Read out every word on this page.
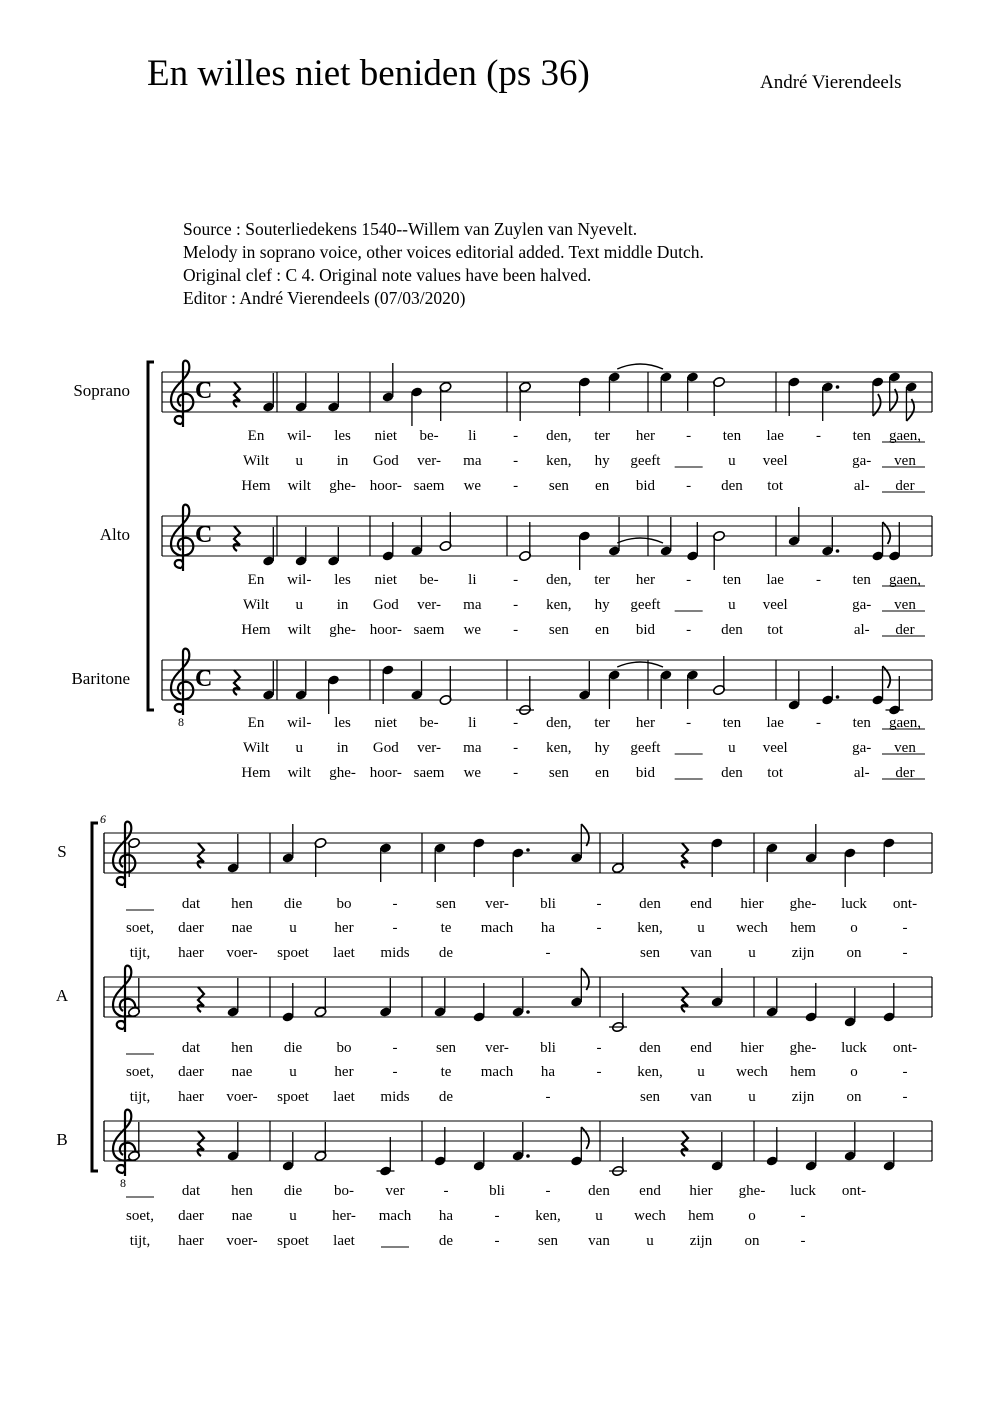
En willes niet beniden (ps 36)	André Vierendeels
Source : Souterliedekens 1540--Willem van Zuylen van Nyevelt.
Melody in soprano voice, other voices editorial added. Text middle Dutch.
Original clef : C 4. Original note values have been halved.
Editor : André Vierendeels (07/03/2020)
Soprano	C
En wil- les niet be- li - den, ter her - ten lae - ten gaen,
Wilt u in God ver- ma - ken, hy geeft	u veel	ga- ven
Hem wilt ghe- hoor- saem we - sen en bid - den tot	al- der
Alto	C
En wil- les niet be- li - den, ter her - ten lae - ten gaen,
Wilt u in God ver- ma - ken, hy geeft	u veel	ga- ven
Hem wilt ghe- hoor- saem we - sen en bid - den tot	al- der
Baritone
8
C
En wil- les niet be- li - den, ter her - ten lae - ten gaen,
Wilt u in God ver- ma - ken, hy geeft	u veel	ga- ven
Hem wilt ghe- hoor- saem we - sen en bid	den tot	al- der
6
S
dat hen die bo	-	sen ver- bli	-	den end hier ghe- luck ont-
soet, daer nae u	her	-	te mach ha	- ken, u wech hem o	-
tijt, haer voer- spoet laet mids de	-	sen van u zijn on	-
A
dat hen die bo	-	sen ver- bli	-	den end hier ghe- luck ont-
soet, daer nae u	her	-	te mach ha	- ken, u wech hem o	-
tijt, haer voer- spoet laet mids de	-	sen van u zijn on	-
B
8	dat hen die bo- ver	-	bli	-	den end hier ghe- luck ont-
soet, daer nae u her- mach ha	- ken, u wech hem o	-
tijt, haer voer- spoet laet	de	-	sen van u zijn on	-
